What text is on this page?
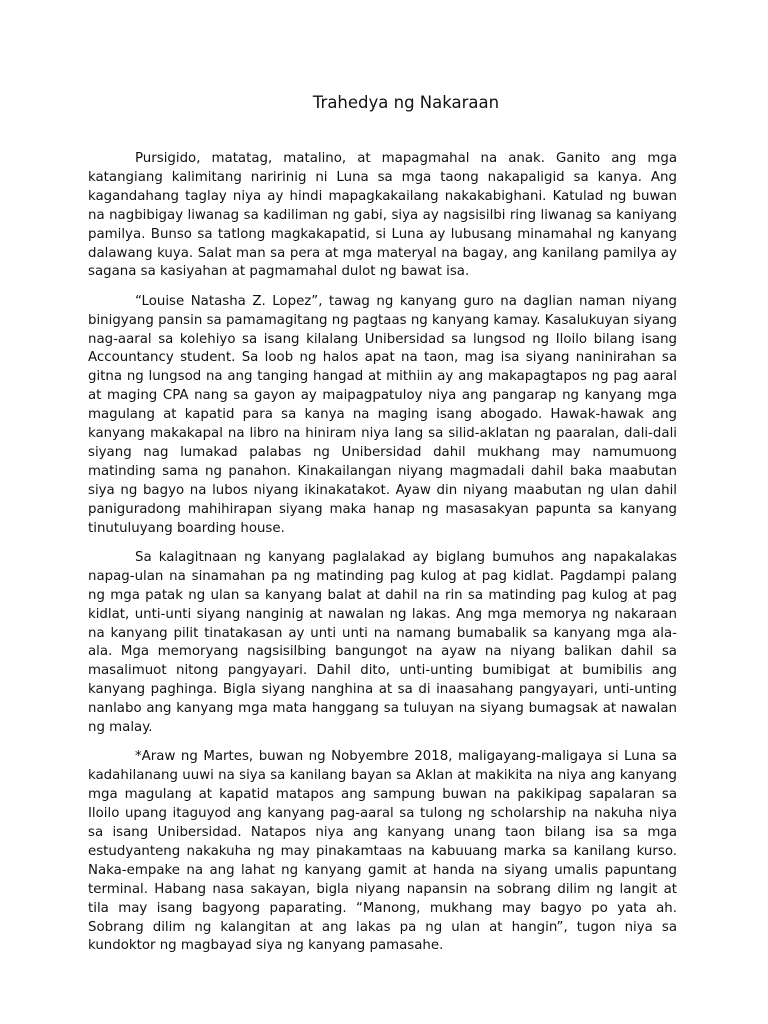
Trahedya ng Nakaraan

Pursigido, matatag, matalino, at mapagmahal na anak. Ganito ang mga katangiang kalimitang naririnig ni Luna sa mga taong nakapaligid sa kanya. Ang kagandahang taglay niya ay hindi mapagkakailang nakakabighani. Katulad ng buwan na nagbibigay liwanag sa kadiliman ng gabi, siya ay nagsisilbi ring liwanag sa kaniyang pamilya. Bunso sa tatlong magkakapatid, si Luna ay lubusang minamahal ng kanyang dalawang kuya. Salat man sa pera at mga materyal na bagay, ang kanilang pamilya ay sagana sa kasiyahan at pagmamahal dulot ng bawat isa.

“Louise Natasha Z. Lopez”, tawag ng kanyang guro na daglian naman niyang binigyang pansin sa pamamagitang ng pagtaas ng kanyang kamay. Kasalukuyan siyang nag-aaral sa kolehiyo sa isang kilalang Unibersidad sa lungsod ng Iloilo bilang isang Accountancy student. Sa loob ng halos apat na taon, mag isa siyang naninirahan sa gitna ng lungsod na ang tanging hangad at mithiin ay ang makapagtapos ng pag aaral at maging CPA nang sa gayon ay maipagpatuloy niya ang pangarap ng kanyang mga magulang at kapatid para sa kanya na maging isang abogado. Hawak-hawak ang kanyang makakapal na libro na hiniram niya lang sa silid-aklatan ng paaralan, dali-dali siyang nag lumakad palabas ng Unibersidad dahil mukhang may namumuong matinding sama ng panahon. Kinakailangan niyang magmadali dahil baka maabutan siya ng bagyo na lubos niyang ikinakatakot. Ayaw din niyang maabutan ng ulan dahil paniguradong mahihirapan siyang maka hanap ng masasakyan papunta sa kanyang tinutuluyang boarding house.

Sa kalagitnaan ng kanyang paglalakad ay biglang bumuhos ang napakalakas napag-ulan na sinamahan pa ng matinding pag kulog at pag kidlat. Pagdampi palang ng mga patak ng ulan sa kanyang balat at dahil na rin sa matinding pag kulog at pag kidlat, unti-unti siyang nanginig at nawalan ng lakas. Ang mga memorya ng nakaraan na kanyang pilit tinatakasan ay unti unti na namang bumabalik sa kanyang mga ala-ala. Mga memoryang nagsisilbing bangungot na ayaw na niyang balikan dahil sa masalimuot nitong pangyayari. Dahil dito, unti-unting bumibigat at bumibilis ang kanyang paghinga. Bigla siyang nanghina at sa di inaasahang pangyayari, unti-unting nanlabo ang kanyang mga mata hanggang sa tuluyan na siyang bumagsak at nawalan ng malay.

*Araw ng Martes, buwan ng Nobyembre 2018, maligayang-maligaya si Luna sa kadahilanang uuwi na siya sa kanilang bayan sa Aklan at makikita na niya ang kanyang mga magulang at kapatid matapos ang sampung buwan na pakikipag sapalaran sa Iloilo upang itaguyod ang kanyang pag-aaral sa tulong ng scholarship na nakuha niya sa isang Unibersidad. Natapos niya ang kanyang unang taon bilang isa sa mga estudyanteng nakakuha ng may pinakamtaas na kabuuang marka sa kanilang kurso. Naka-empake na ang lahat ng kanyang gamit at handa na siyang umalis papuntang terminal. Habang nasa sakayan, bigla niyang napansin na sobrang dilim ng langit at tila may isang bagyong paparating. “Manong, mukhang may bagyo po yata ah. Sobrang dilim ng kalangitan at ang lakas pa ng ulan at hangin”, tugon niya sa kundoktor ng magbayad siya ng kanyang pamasahe.
